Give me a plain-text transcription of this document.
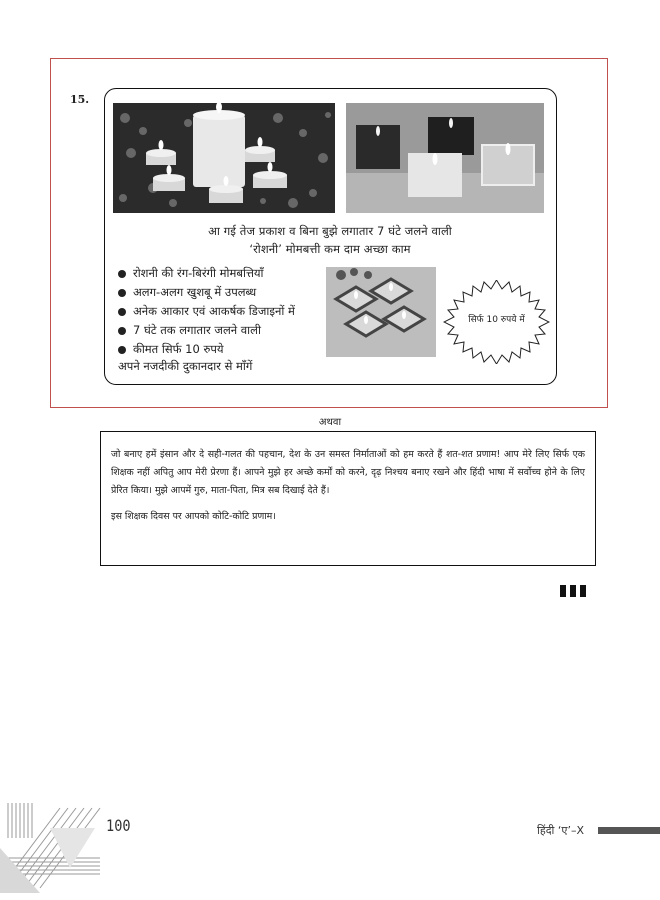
15.
आ गई तेज प्रकाश व बिना बुझे लगातार 7 घंटे जलने वाली
‘रोशनी’ मोमबत्ती कम दाम अच्छा काम
रोशनी की रंग-बिरंगी मोमबत्तियाँ
अलग-अलग खुशबू में उपलब्ध
अनेक आकार एवं आकर्षक डिजाइनों में
7 घंटे तक लगातार जलने वाली
कीमत सिर्फ 10 रुपये
अपने नजदीकी दुकानदार से माँगें
सिर्फ 10 रुपये में
अथवा

जो बनाए हमें इंसान और दे सही-गलत की पहचान, देश के उन समस्त निर्माताओं को हम करते हैं शत-शत प्रणाम! आप मेरे लिए सिर्फ एक शिक्षक नहीं अपितु आप मेरी प्रेरणा हैं। आपने मुझे हर अच्छे कर्मों को करने, दृढ़ निश्चय बनाए रखने और हिंदी भाषा में सर्वोच्च होने के लिए प्रेरित किया। मुझे आपमें गुरु, माता-पिता, मित्र सब दिखाई देते हैं।

इस शिक्षक दिवस पर आपको कोटि-कोटि प्रणाम।

100	हिंदी ‘ए’–X
